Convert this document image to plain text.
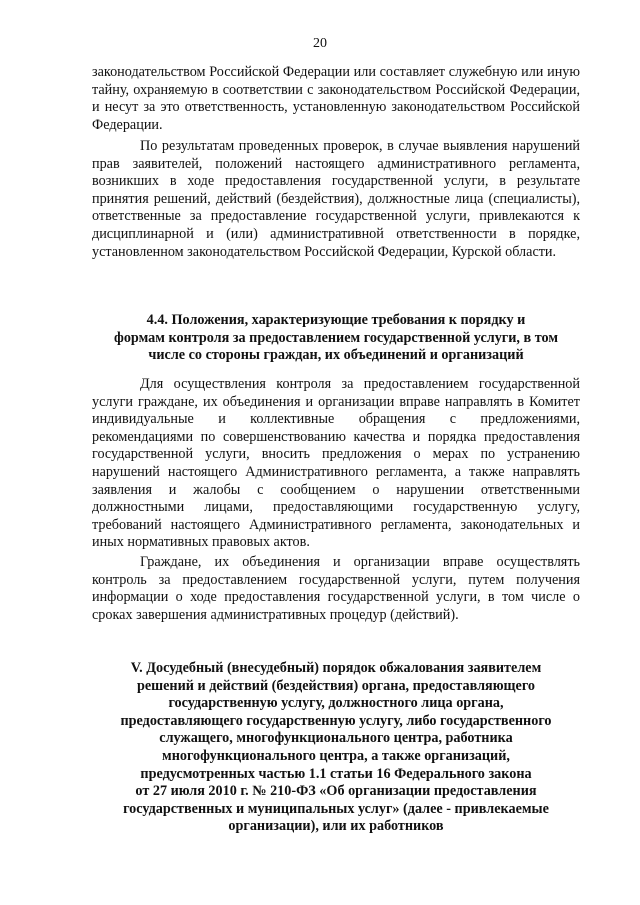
20

законодательством Российской Федерации или составляет служебную или иную тайну, охраняемую в соответствии с законодательством Российской Федерации, и несут за это ответственность, установленную законодательством Российской Федерации.

По результатам проведенных проверок, в случае выявления нарушений прав заявителей, положений настоящего административного регламента, возникших в ходе предоставления государственной услуги, в результате принятия решений, действий (бездействия), должностные лица (специалисты), ответственные за предоставление государственной услуги, привлекаются к дисциплинарной и (или) административной ответственности в порядке, установленном законодательством Российской Федерации, Курской области.

4.4. Положения, характеризующие требования к порядку и
формам контроля за предоставлением государственной услуги, в том
числе со стороны граждан, их объединений и организаций

Для осуществления контроля за предоставлением государственной услуги граждане, их объединения и организации вправе направлять в Комитет индивидуальные и коллективные обращения с предложениями, рекомендациями по совершенствованию качества и порядка предоставления государственной услуги, вносить предложения о мерах по устранению нарушений настоящего Административного регламента, а также направлять заявления и жалобы с сообщением о нарушении ответственными должностными лицами, предоставляющими государственную услугу, требований настоящего Административного регламента, законодательных и иных нормативных правовых актов.

Граждане, их объединения и организации вправе осуществлять контроль за предоставлением государственной услуги, путем получения информации о ходе предоставления государственной услуги, в том числе о сроках завершения административных процедур (действий).

V. Досудебный (внесудебный) порядок обжалования заявителем
решений и действий (бездействия) органа, предоставляющего
государственную услугу, должностного лица органа,
предоставляющего государственную услугу, либо государственного
служащего, многофункционального центра, работника
многофункционального центра, а также организаций,
предусмотренных частью 1.1 статьи 16 Федерального закона
от 27 июля 2010 г. № 210-ФЗ «Об организации предоставления
государственных и муниципальных услуг» (далее - привлекаемые
организации), или их работников
